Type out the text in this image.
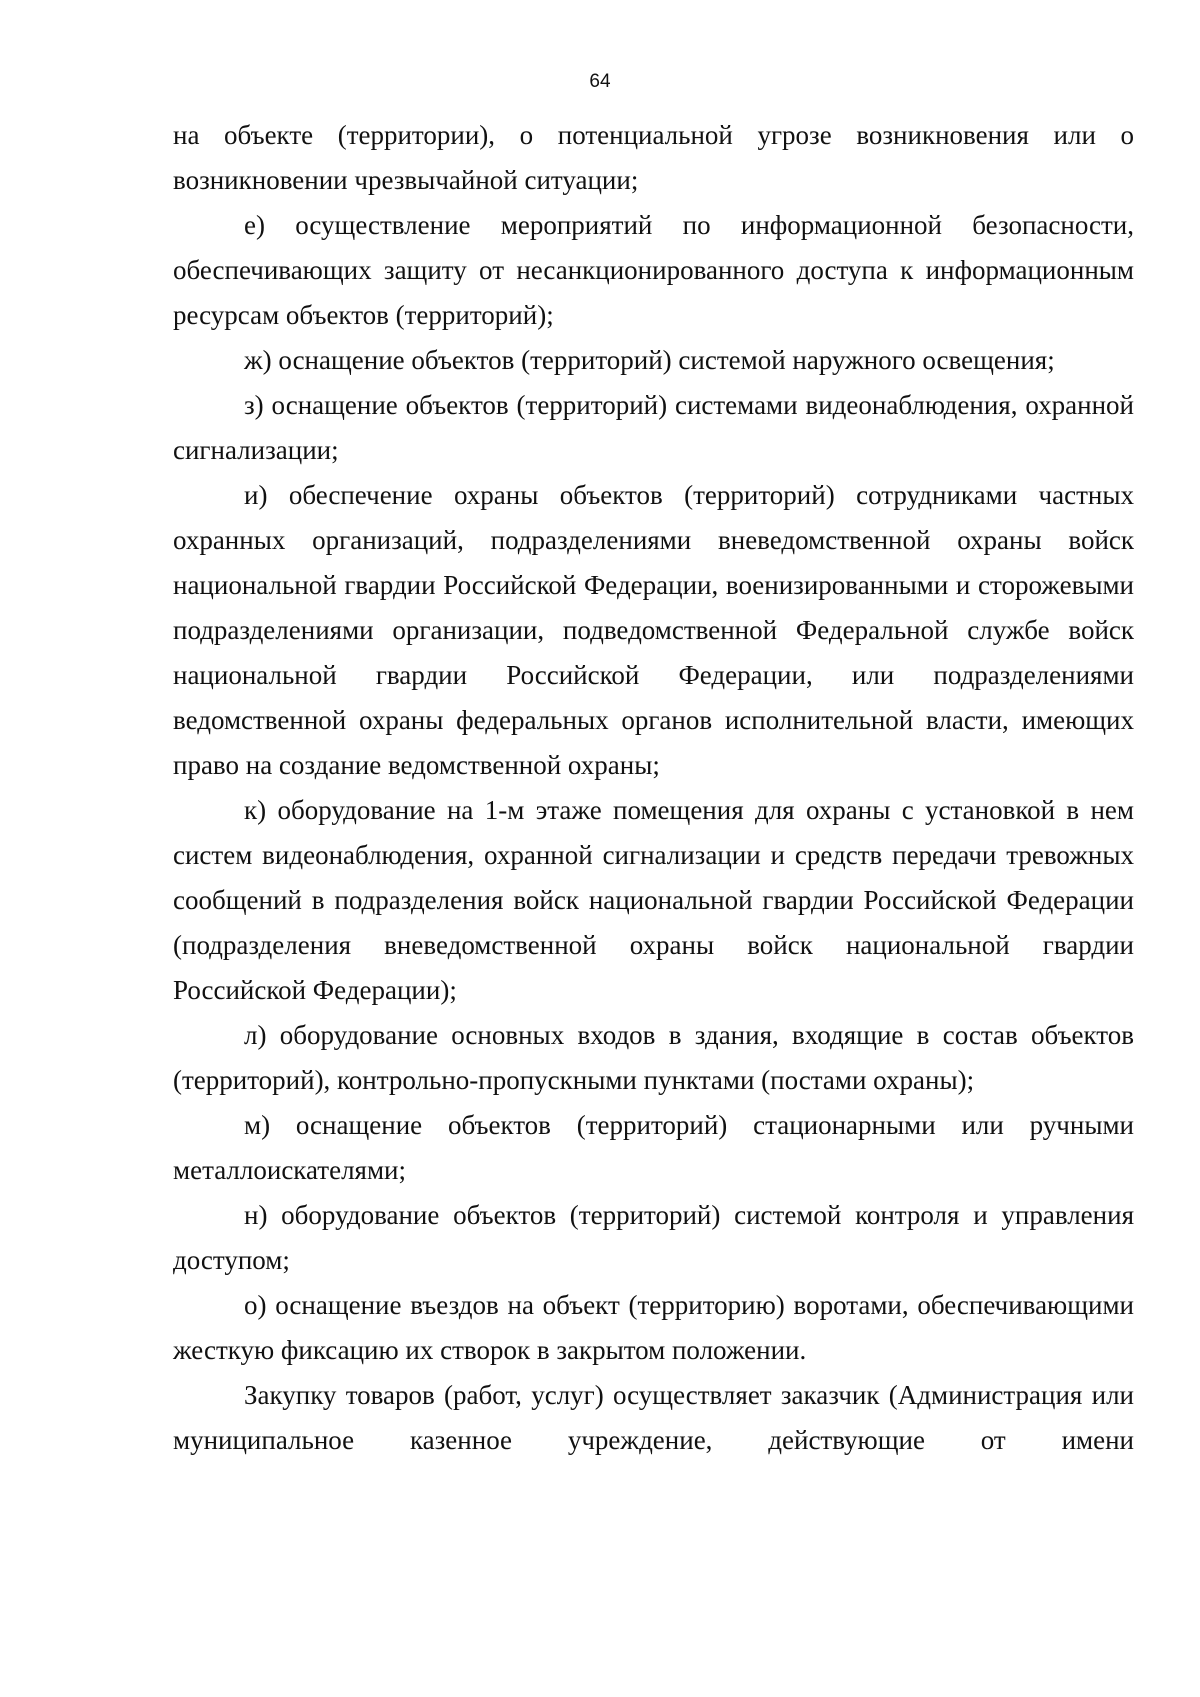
64

на объекте (территории), о потенциальной угрозе возникновения или о возникновении чрезвычайной ситуации;

е) осуществление мероприятий по информационной безопасности, обеспечивающих защиту от несанкционированного доступа к информационным ресурсам объектов (территорий);

ж) оснащение объектов (территорий) системой наружного освещения;

з) оснащение объектов (территорий) системами видеонаблюдения, охранной сигнализации;

и) обеспечение охраны объектов (территорий) сотрудниками частных охранных организаций, подразделениями вневедомственной охраны войск национальной гвардии Российской Федерации, военизированными и сторожевыми подразделениями организации, подведомственной Федеральной службе войск национальной гвардии Российской Федерации, или подразделениями ведомственной охраны федеральных органов исполнительной власти, имеющих право на создание ведомственной охраны;

к) оборудование на 1-м этаже помещения для охраны с установкой в нем систем видеонаблюдения, охранной сигнализации и средств передачи тревожных сообщений в подразделения войск национальной гвардии Российской Федерации (подразделения вневедомственной охраны войск национальной гвардии Российской Федерации);

л) оборудование основных входов в здания, входящие в состав объектов (территорий), контрольно-пропускными пунктами (постами охраны);

м) оснащение объектов (территорий) стационарными или ручными металлоискателями;

н) оборудование объектов (территорий) системой контроля и управления доступом;

о) оснащение въездов на объект (территорию) воротами, обеспечивающими жесткую фиксацию их створок в закрытом положении.

Закупку товаров (работ, услуг) осуществляет заказчик (Администрация или муниципальное казенное учреждение, действующие от имени
